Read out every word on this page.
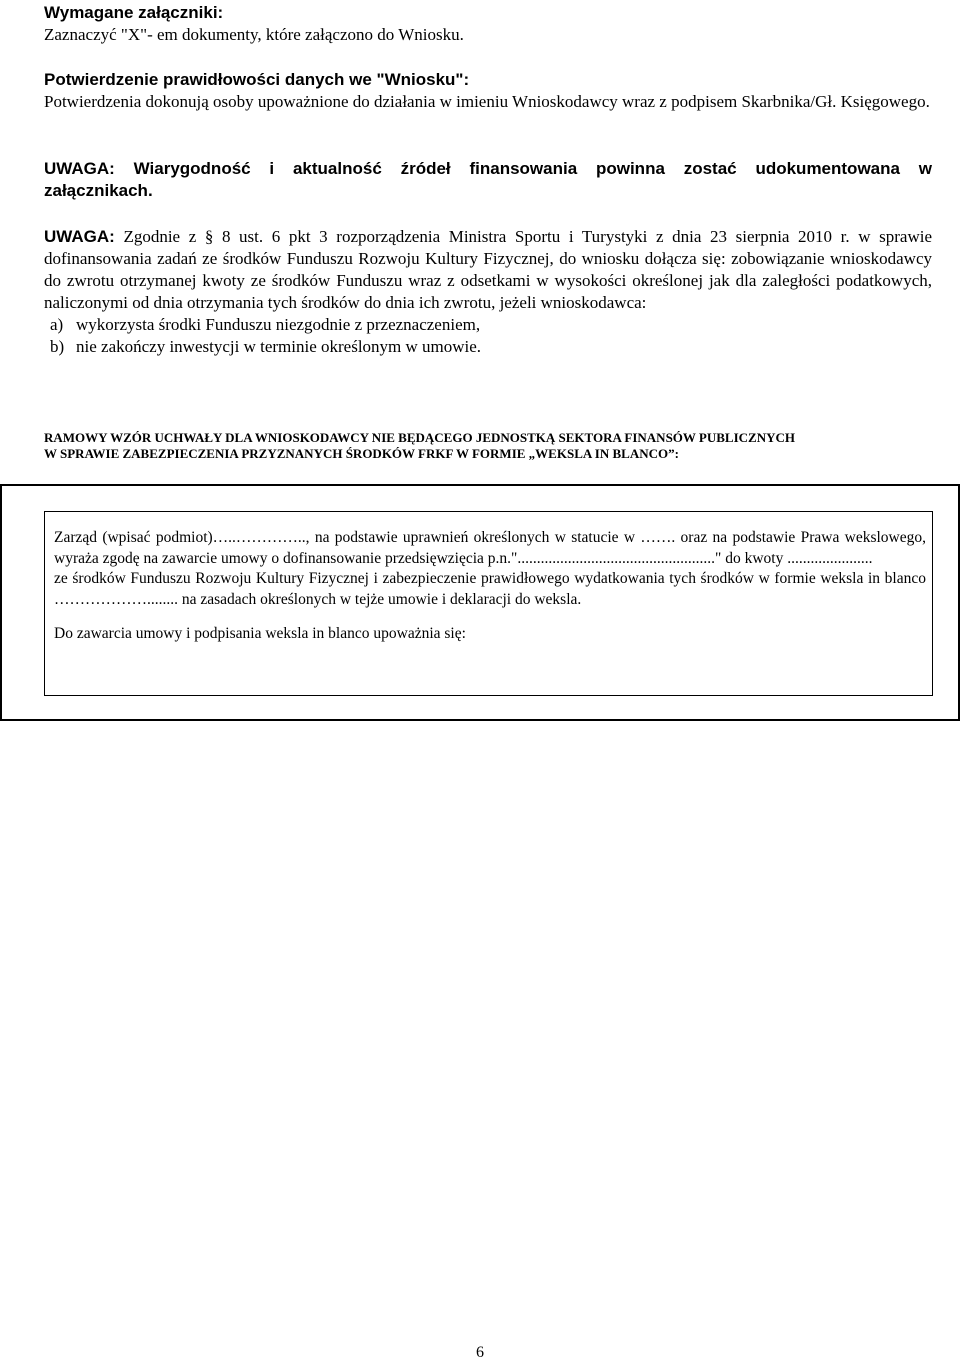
Wymagane załączniki:
Zaznaczyć "X"- em dokumenty, które załączono do Wniosku.
Potwierdzenie prawidłowości danych we "Wniosku":
Potwierdzenia dokonują osoby upoważnione do działania w imieniu Wnioskodawcy wraz z podpisem Skarbnika/Gł. Księgowego.
UWAGA: Wiarygodność i aktualność źródeł finansowania powinna zostać udokumentowana w załącznikach.
UWAGA: Zgodnie z § 8 ust. 6 pkt 3 rozporządzenia Ministra Sportu i Turystyki z dnia 23 sierpnia 2010 r. w sprawie dofinansowania zadań ze środków Funduszu Rozwoju Kultury Fizycznej, do wniosku dołącza się: zobowiązanie wnioskodawcy do zwrotu otrzymanej kwoty ze środków Funduszu wraz z odsetkami w wysokości określonej jak dla zaległości podatkowych, naliczonymi od dnia otrzymania tych środków do dnia ich zwrotu, jeżeli wnioskodawca:
a) wykorzysta środki Funduszu niezgodnie z przeznaczeniem,
b) nie zakończy inwestycji w terminie określonym w umowie.
RAMOWY WZÓR UCHWAŁY DLA WNIOSKODAWCY NIE BĘDĄCEGO JEDNOSTKĄ SEKTORA FINANSÓW PUBLICZNYCH
W SPRAWIE ZABEZPIECZENIA PRZYZNANYCH ŚRODKÓW FRKF W FORMIE „WEKSLA IN BLANCO”:
Zarząd (wpisać podmiot)…..………….., na podstawie uprawnień określonych w statucie w ……. oraz na podstawie Prawa wekslowego, wyraża zgodę na zawarcie umowy o dofinansowanie przedsięwzięcia p.n."..................................................." do kwoty ......................
ze środków Funduszu Rozwoju Kultury Fizycznej i zabezpieczenie prawidłowego wydatkowania tych środków w formie weksla in blanco ………………........ na zasadach określonych w tejże umowie i deklaracji do weksla.
Do zawarcia umowy i podpisania weksla in blanco upoważnia się:
6
